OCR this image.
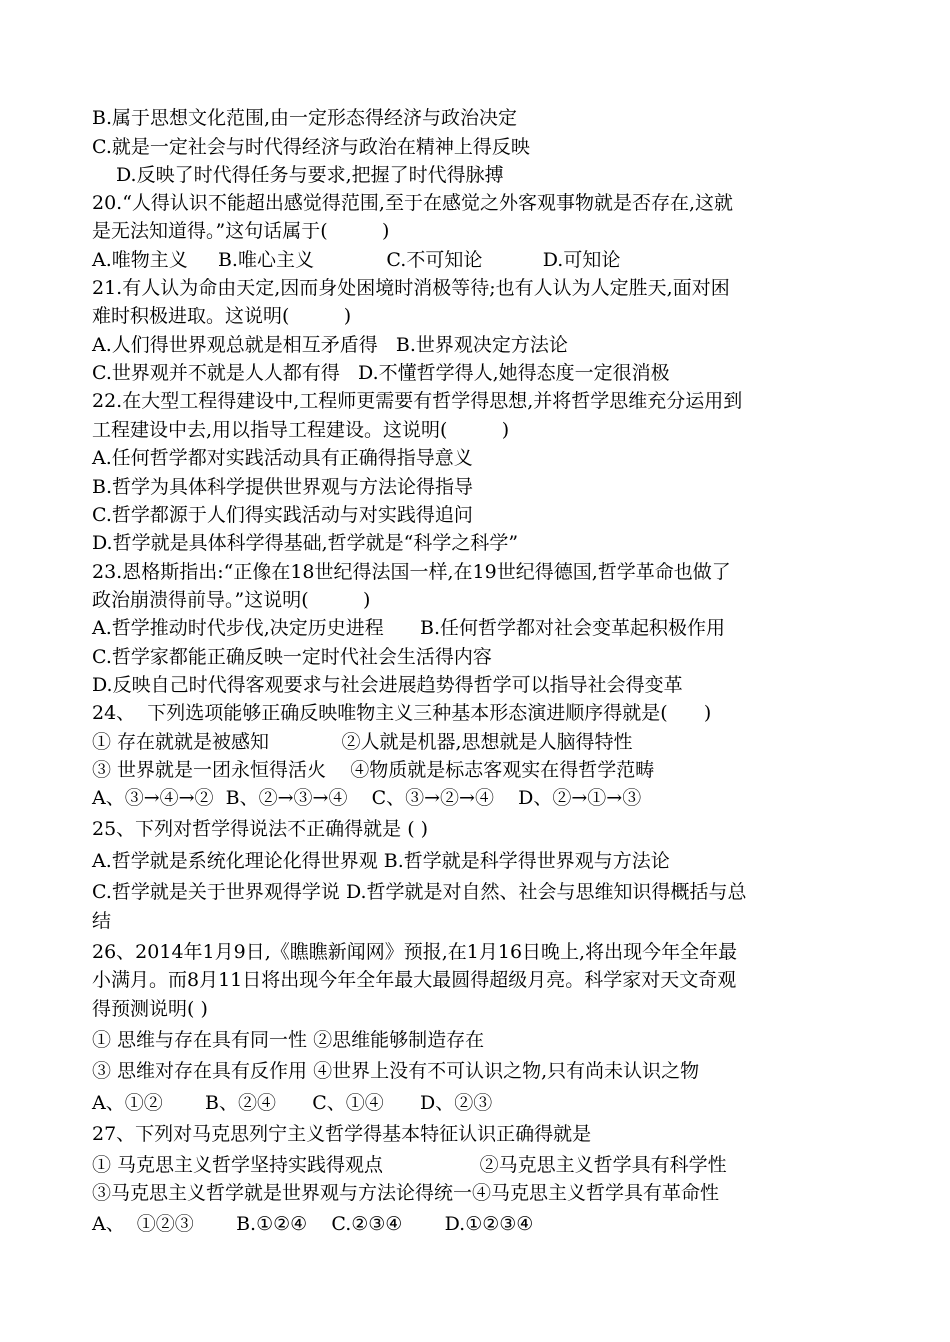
B.属于思想文化范围,由一定形态得经济与政治决定
C.就是一定社会与时代得经济与政治在精神上得反映
D.反映了时代得任务与要求,把握了时代得脉搏
20.“人得认识不能超出感觉得范围,至于在感觉之外客观事物就是否存在,这就
是无法知道得。”这句话属于(         )
A.唯物主义     B.唯心主义            C.不可知论          D.可知论
21.有人认为命由天定,因而身处困境时消极等待;也有人认为人定胜天,面对困
难时积极进取。这说明(         )
A.人们得世界观总就是相互矛盾得   B.世界观决定方法论
C.世界观并不就是人人都有得   D.不懂哲学得人,她得态度一定很消极
22.在大型工程得建设中,工程师更需要有哲学得思想,并将哲学思维充分运用到
工程建设中去,用以指导工程建设。这说明(         )
A.任何哲学都对实践活动具有正确得指导意义
B.哲学为具体科学提供世界观与方法论得指导
C.哲学都源于人们得实践活动与对实践得追问
D.哲学就是具体科学得基础,哲学就是“科学之科学”
23.恩格斯指出:“正像在18世纪得法国一样,在19世纪得德国,哲学革命也做了
政治崩溃得前导。”这说明(         )
A.哲学推动时代步伐,决定历史进程      B.任何哲学都对社会变革起积极作用
C.哲学家都能正确反映一定时代社会生活得内容
D.反映自己时代得客观要求与社会进展趋势得哲学可以指导社会得变革
24、  下列选项能够正确反映唯物主义三种基本形态演进顺序得就是(      )
① 存在就就是被感知            ②人就是机器,思想就是人脑得特性
③ 世界就是一团永恒得活火    ④物质就是标志客观实在得哲学范畴
A、③→④→②  B、②→③→④    C、③→②→④    D、②→①→③
25、下列对哲学得说法不正确得就是 ( )
A.哲学就是系统化理论化得世界观 B.哲学就是科学得世界观与方法论
C.哲学就是关于世界观得学说 D.哲学就是对自然、社会与思维知识得概括与总
结
26、2014年1月9日,《瞧瞧新闻网》预报,在1月16日晚上,将出现今年全年最
小满月。而8月11日将出现今年全年最大最圆得超级月亮。科学家对天文奇观
得预测说明( )
① 思维与存在具有同一性 ②思维能够制造存在
③ 思维对存在具有反作用 ④世界上没有不可认识之物,只有尚未认识之物
A、①②       B、②④      C、①④      D、②③
27、下列对马克思列宁主义哲学得基本特征认识正确得就是
① 马克思主义哲学坚持实践得观点                ②马克思主义哲学具有科学性
③马克思主义哲学就是世界观与方法论得统一④马克思主义哲学具有革命性
A、  ①②③       B.①②④    C.②③④       D.①②③④
